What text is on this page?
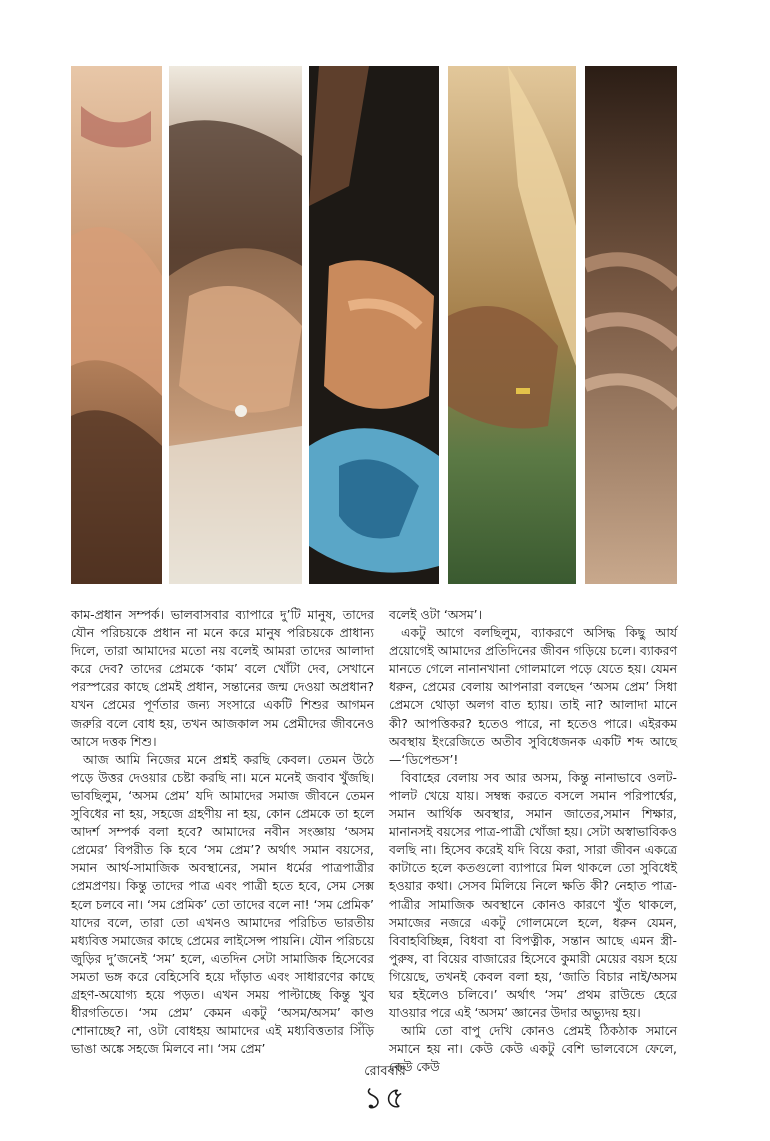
কাম-প্রধান সম্পর্ক। ভালবাসবার ব্যাপারে দু’টি মানুষ, তাদের যৌন পরিচয়কে প্রধান না মনে করে মানুষ পরিচয়কে প্রাধান্য দিলে, তারা আমাদের মতো নয় বলেই আমরা তাদের আলাদা করে দেব? তাদের প্রেমকে ‘কাম’ বলে খোঁটা দেব, সেখানে পরস্পরের কাছে প্রেমই প্রধান, সন্তানের জন্ম দেওয়া অপ্রধান? যখন প্রেমের পূর্ণতার জন্য সংসারে একটি শিশুর আগমন জরুরি বলে বোধ হয়, তখন আজকাল সম প্রেমীদের জীবনেও আসে দত্তক শিশু।

আজ আমি নিজের মনে প্রশ্নই করছি কেবল। তেমন উঠে পড়ে উত্তর দেওয়ার চেষ্টা করছি না। মনে মনেই জবাব খুঁজছি। ভাবছিলুম, ‘অসম প্রেম’ যদি আমাদের সমাজ জীবনে তেমন সুবিধের না হয়, সহজে গ্রহণীয় না হয়, কোন প্রেমকে তা হলে আদর্শ সম্পর্ক বলা হবে? আমাদের নবীন সংজ্ঞায় ‘অসম প্রেমের’ বিপরীত কি হবে ‘সম প্রেম’? অর্থাৎ সমান বয়সের, সমান আর্থ-সামাজিক অবস্থানের, সমান ধর্মের পাত্রপাত্রীর প্রেমপ্রণয়। কিন্তু তাদের পাত্র এবং পাত্রী হতে হবে, সেম সেক্স হলে চলবে না। ‘সম প্রেমিক’ তো তাদের বলে না! ‘সম প্রেমিক’ যাদের বলে, তারা তো এখনও আমাদের পরিচিত ভারতীয় মধ্যবিত্ত সমাজের কাছে প্রেমের লাইসেন্স পায়নি। যৌন পরিচয়ে জুড়ির দু’জনেই ‘সম’ হলে, এতদিন সেটা সামাজিক হিসেবের সমতা ভঙ্গ করে বেহিসেবি হয়ে দাঁড়াত এবং সাধারণের কাছে গ্রহণ-অযোগ্য হয়ে পড়ত। এখন সময় পাল্টাচ্ছে কিন্তু খুব ধীরগতিতে। ‘সম প্রেম’ কেমন একটু ‘অসম/অসম’ কাণ্ড শোনাচ্ছে? না, ওটা বোধহয় আমাদের এই মধ্যবিত্ততার সিঁড়ি ভাঙা অঙ্কে সহজে মিলবে না। ‘সম প্রেম’

বলেই ওটা ‘অসম’।

একটু আগে বলছিলুম, ব্যাকরণে অসিদ্ধ কিছু আর্য প্রয়োগেই আমাদের প্রতিদিনের জীবন গড়িয়ে চলে। ব্যাকরণ মানতে গেলে নানানখানা গোলমালে পড়ে যেতে হয়। যেমন ধরুন, প্রেমের বেলায় আপনারা বলছেন ‘অসম প্রেম’ সিধা প্রেমসে থোড়া অলগ বাত হ্যায়। তাই না? আলাদা মানে কী? আপত্তিকর? হতেও পারে, না হতেও পারে। এইরকম অবস্থায় ইংরেজিতে অতীব সুবিধেজনক একটি শব্দ আছে—‘ডিপেন্ডস’!

বিবাহের বেলায় সব আর অসম, কিন্তু নানাভাবে ওলট-পালট খেয়ে যায়। সম্বন্ধ করতে বসলে সমান পরিপার্শ্বের, সমান আর্থিক অবস্থার, সমান জাতের,সমান শিক্ষার, মানানসই বয়সের পাত্র-পাত্রী খোঁজা হয়। সেটা অস্বাভাবিকও বলছি না। হিসেব করেই যদি বিয়ে করা, সারা জীবন একত্রে কাটাতে হলে কতগুলো ব্যাপারে মিল থাকলে তো সুবিধেই হওয়ার কথা। সেসব মিলিয়ে নিলে ক্ষতি কী? নেহাত পাত্র-পাত্রীর সামাজিক অবস্থানে কোনও কারণে খুঁত থাকলে, সমাজের নজরে একটু গোলমেলে হলে, ধরুন যেমন, বিবাহবিচ্ছিন্ন, বিধবা বা বিপত্নীক, সন্তান আছে এমন স্ত্রী-পুরুষ, বা বিয়ের বাজারের হিসেবে কুমারী মেয়ের বয়স হয়ে গিয়েছে, তখনই কেবল বলা হয়, ‘জাতি বিচার নাই/অসম ঘর হইলেও চলিবে।’ অর্থাৎ ‘সম’ প্রথম রাউন্ডে হেরে যাওয়ার পরে এই ‘অসম’ জ্ঞানের উদার অভ্যুদয় হয়।

আমি তো বাপু দেখি কোনও প্রেমই ঠিকঠাক সমানে সমানে হয় না। কেউ কেউ একটু বেশি ভালবেসে ফেলে, কেউ কেউ

রোববার
১৫
